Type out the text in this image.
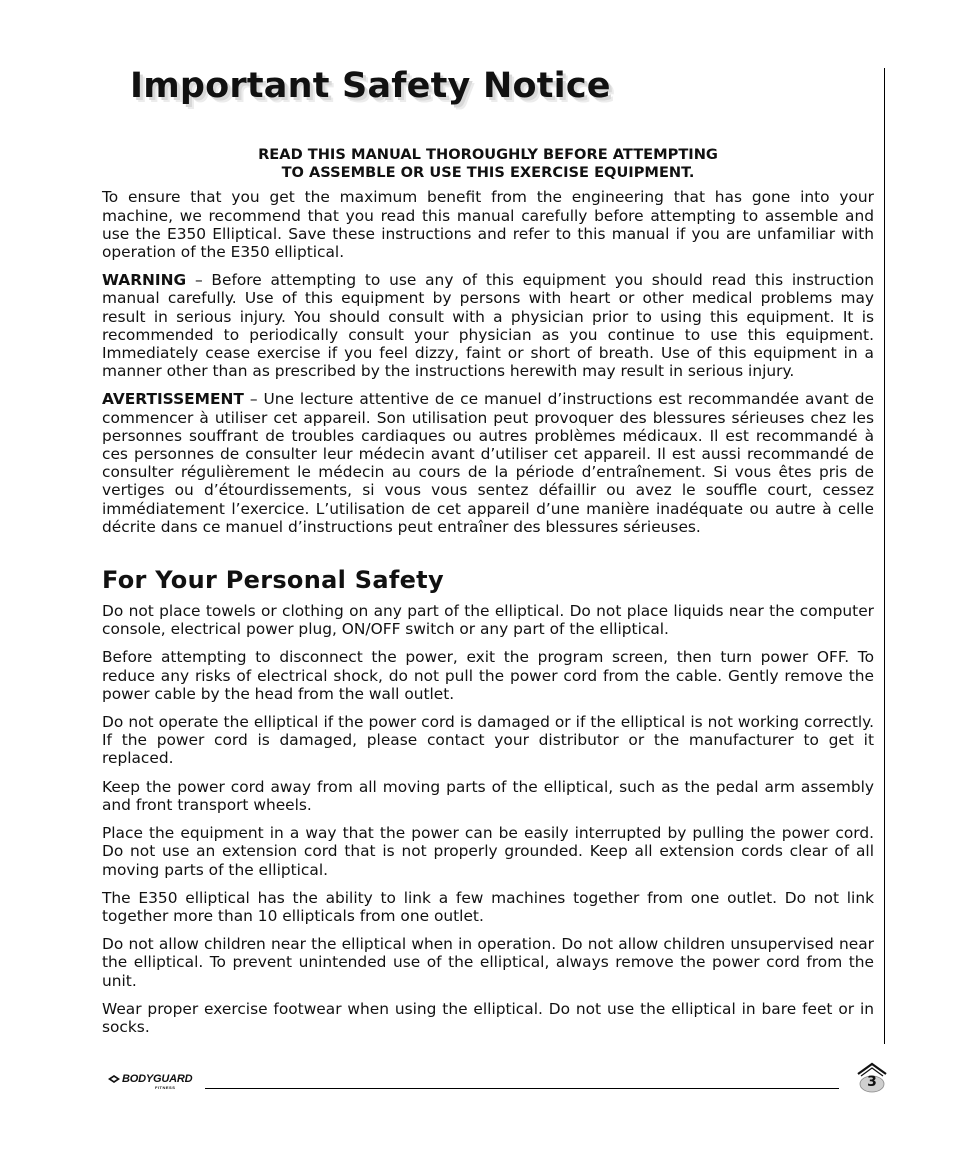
Important Safety Notice

READ THIS MANUAL THOROUGHLY BEFORE ATTEMPTING
TO ASSEMBLE OR USE THIS EXERCISE EQUIPMENT.

To ensure that you get the maximum benefit from the engineering that has gone into your machine, we recommend that you read this manual carefully before attempting to assemble and use the E350 Elliptical. Save these instructions and refer to this manual if you are unfamiliar with operation of the E350 elliptical.

WARNING – Before attempting to use any of this equipment you should read this instruction manual carefully. Use of this equipment by persons with heart or other medical problems may result in serious injury. You should consult with a physician prior to using this equipment. It is recommended to periodically consult your physician as you continue to use this equipment. Immediately cease exercise if you feel dizzy, faint or short of breath. Use of this equipment in a manner other than as prescribed by the instructions herewith may result in serious injury.

AVERTISSEMENT – Une lecture attentive de ce manuel d’instructions est recommandée avant de commencer à utiliser cet appareil. Son utilisation peut provoquer des blessures sérieuses chez les personnes souffrant de troubles cardiaques ou autres problèmes médicaux. Il est recommandé à ces personnes de consulter leur médecin avant d’utiliser cet appareil. Il est aussi recommandé de consulter régulièrement le médecin au cours de la période d’entraînement. Si vous êtes pris de vertiges ou d’étourdissements, si vous vous sentez défaillir ou avez le souffle court, cessez immédiatement l’exercice. L’utilisation de cet appareil d’une manière inadéquate ou autre à celle décrite dans ce manuel d’instructions peut entraîner des blessures sérieuses.

For Your Personal Safety

Do not place towels or clothing on any part of the elliptical. Do not place liquids near the computer console, electrical power plug, ON/OFF switch or any part of the elliptical.

Before attempting to disconnect the power, exit the program screen, then turn power OFF. To reduce any risks of electrical shock, do not pull the power cord from the cable. Gently remove the power cable by the head from the wall outlet.

Do not operate the elliptical if the power cord is damaged or if the elliptical is not working correctly. If the power cord is damaged, please contact your distributor or the manufacturer to get it replaced.

Keep the power cord away from all moving parts of the elliptical, such as the pedal arm assembly and front transport wheels.

Place the equipment in a way that the power can be easily interrupted by pulling the power cord. Do not use an extension cord that is not properly grounded. Keep all extension cords clear of all moving parts of the elliptical.

The E350 elliptical has the ability to link a few machines together from one outlet. Do not link together more than 10 ellipticals from one outlet.

Do not allow children near the elliptical when in operation. Do not allow children unsupervised near the elliptical. To prevent unintended use of the elliptical, always remove the power cord from the unit.

Wear proper exercise footwear when using the elliptical. Do not use the elliptical in bare feet or in socks.

BODYGUARD
FITNESS	3
